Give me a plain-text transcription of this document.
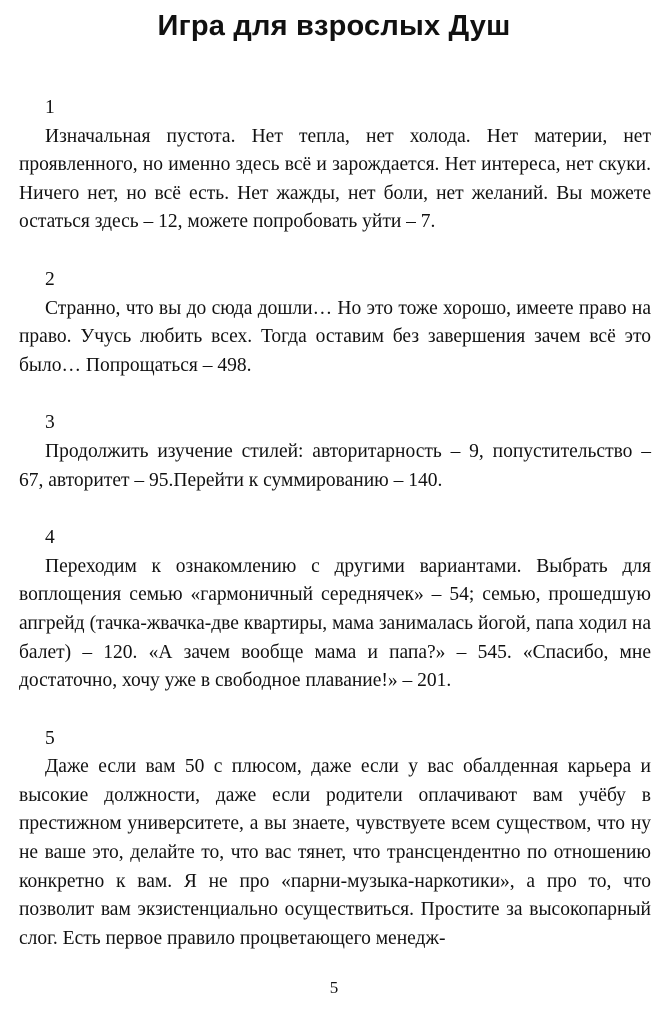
Игра для взрослых Душ
1

Изначальная пустота. Нет тепла, нет холода. Нет материи, нет проявленного, но именно здесь всё и зарождается. Нет интереса, нет скуки. Ничего нет, но всё есть. Нет жажды, нет боли, нет желаний. Вы можете остаться здесь – 12, можете попробовать уйти – 7.

2

Странно, что вы до сюда дошли… Но это тоже хорошо, имеете право на право. Учусь любить всех. Тогда оставим без завершения зачем всё это было… Попрощаться – 498.

3

Продолжить изучение стилей: авторитарность – 9, попустительство – 67, авторитет – 95.Перейти к суммированию – 140.

4

Переходим к ознакомлению с другими вариантами. Выбрать для воплощения семью «гармоничный середнячек» – 54; семью, прошедшую апгрейд (тачка-жвачка-две квартиры, мама занималась йогой, папа ходил на балет) – 120. «А зачем вообще мама и папа?» – 545. «Спасибо, мне достаточно, хочу уже в свободное плавание!» – 201.

5

Даже если вам 50 с плюсом, даже если у вас обалденная карьера и высокие должности, даже если родители оплачивают вам учёбу в престижном университете, а вы знаете, чувствуете всем существом, что ну не ваше это, делайте то, что вас тянет, что трансцендентно по отношению конкретно к вам. Я не про «парни-музыка-наркотики», а про то, что позволит вам экзистенциально осуществиться. Простите за высокопарный слог. Есть первое правило процветающего менедж-

5
